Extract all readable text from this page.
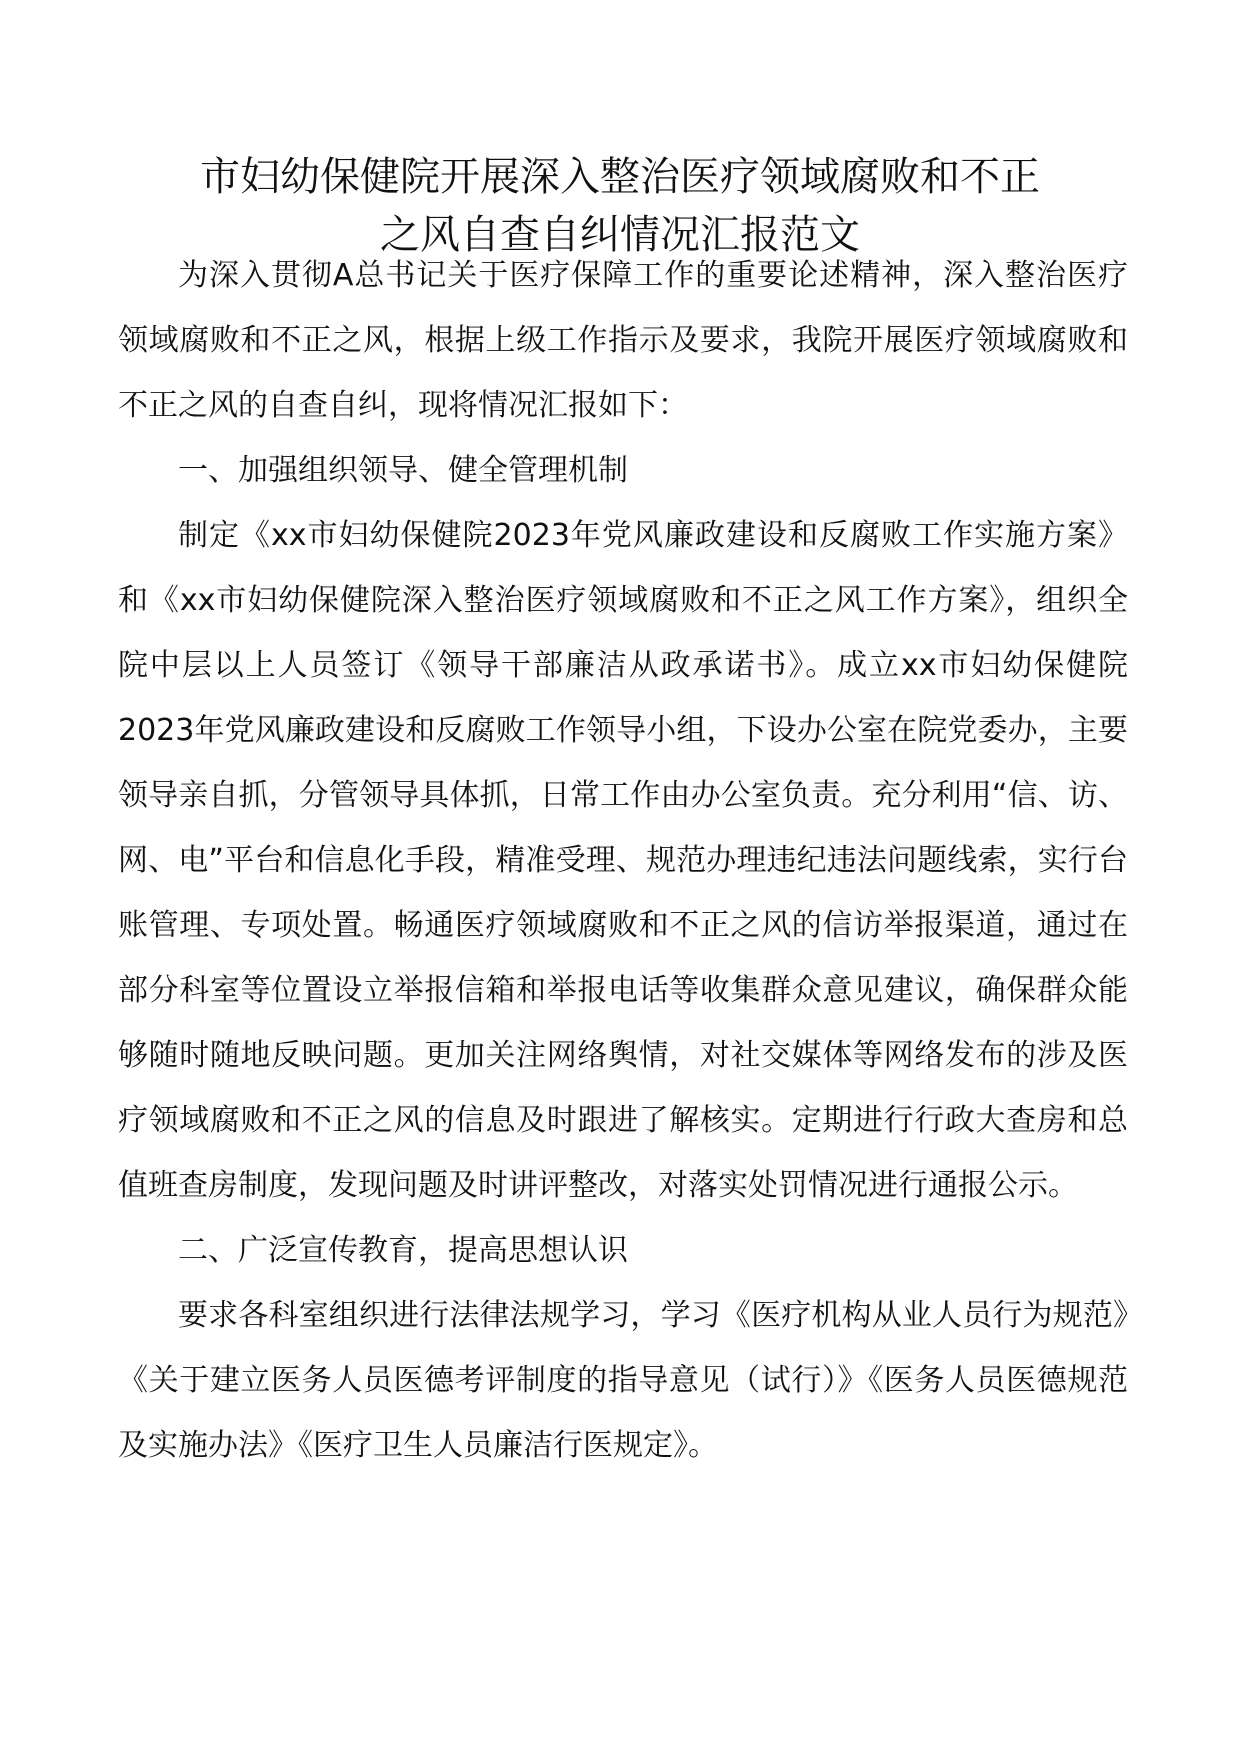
市妇幼保健院开展深入整治医疗领域腐败和不正
之风自查自纠情况汇报范文

为深入贯彻A总书记关于医疗保障工作的重要论述精神，深入整治医疗领域腐败和不正之风，根据上级工作指示及要求，我院开展医疗领域腐败和不正之风的自查自纠，现将情况汇报如下：

一、加强组织领导、健全管理机制

制定《xx市妇幼保健院2023年党风廉政建设和反腐败工作实施方案》和《xx市妇幼保健院深入整治医疗领域腐败和不正之风工作方案》，组织全院中层以上人员签订《领导干部廉洁从政承诺书》。成立xx市妇幼保健院2023年党风廉政建设和反腐败工作领导小组，下设办公室在院党委办，主要领导亲自抓，分管领导具体抓，日常工作由办公室负责。充分利用“信、访、网、电”平台和信息化手段，精准受理、规范办理违纪违法问题线索，实行台账管理、专项处置。畅通医疗领域腐败和不正之风的信访举报渠道，通过在部分科室等位置设立举报信箱和举报电话等收集群众意见建议，确保群众能够随时随地反映问题。更加关注网络舆情，对社交媒体等网络发布的涉及医疗领域腐败和不正之风的信息及时跟进了解核实。定期进行行政大查房和总值班查房制度，发现问题及时讲评整改，对落实处罚情况进行通报公示。

二、广泛宣传教育，提高思想认识

要求各科室组织进行法律法规学习，学习《医疗机构从业人员行为规范》《关于建立医务人员医德考评制度的指导意见（试行）》《医务人员医德规范及实施办法》《医疗卫生人员廉洁行医规定》。
